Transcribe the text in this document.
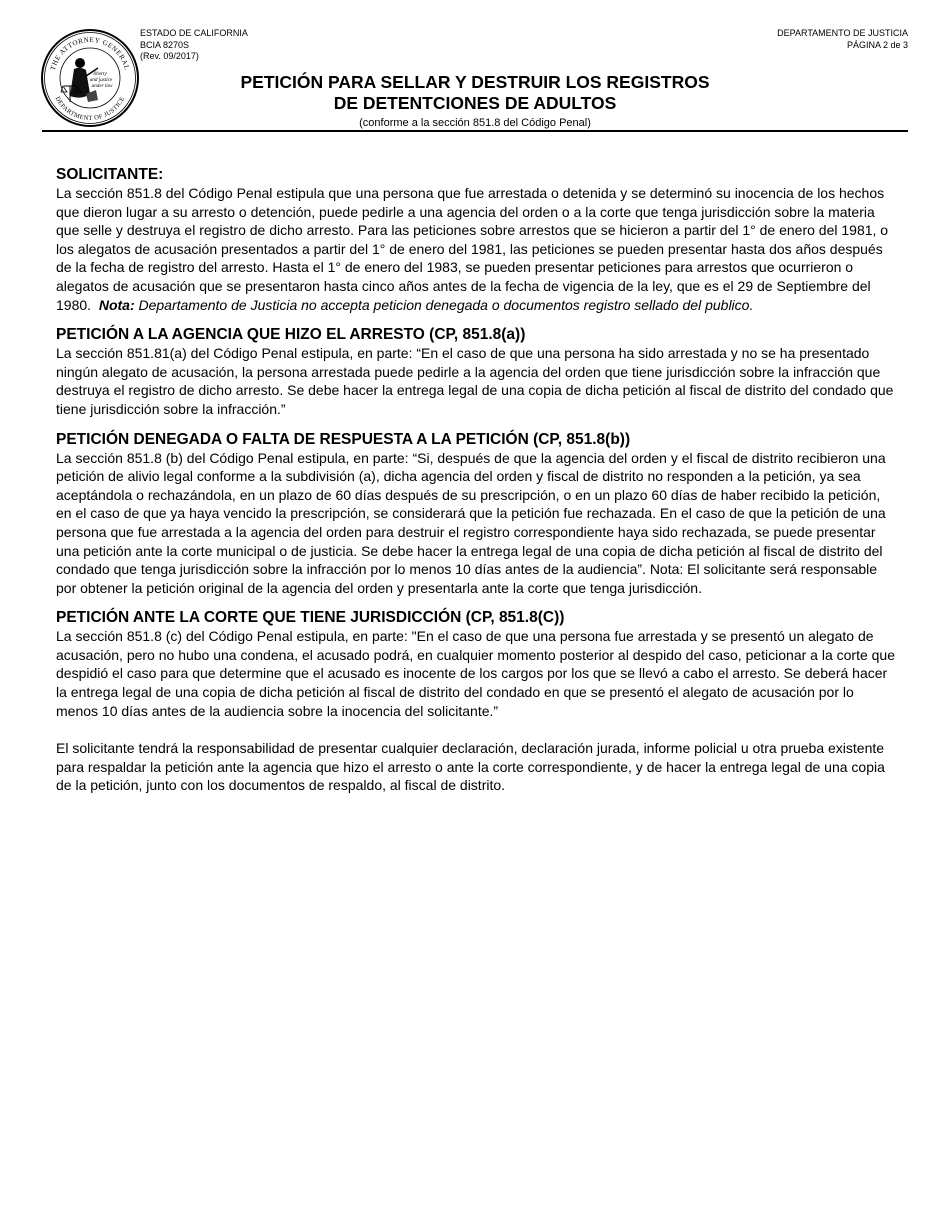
THE ATTORNEY GENERAL
DEPARTMENT OF JUSTICE
liberty
and justice
under law
ESTADO DE CALIFORNIA
BCIA 8270S
(Rev. 09/2017)
DEPARTAMENTO DE JUSTICIA
PÁGINA 2 de 3
PETICIÓN PARA SELLAR Y DESTRUIR LOS REGISTROS
DE DETENTCIONES DE ADULTOS
(conforme a la sección 851.8 del Código Penal)
SOLICITANTE:

La sección 851.8 del Código Penal estipula que una persona que fue arrestada o detenida y se determinó su inocencia de los hechos que dieron lugar a su arresto o detención, puede pedirle a una agencia del orden o a la corte que tenga jurisdicción sobre la materia que selle y destruya el registro de dicho arresto. Para las peticiones sobre arrestos que se hicieron a partir del 1° de enero del 1981, o los alegatos de acusación presentados a partir del 1° de enero del 1981, las peticiones se pueden presentar hasta dos años después de la fecha de registro del arresto. Hasta el 1° de enero del 1983, se pueden presentar peticiones para arrestos que ocurrieron o alegatos de acusación que se presentaron hasta cinco años antes de la fecha de vigencia de la ley, que es el 29 de Septiembre del 1980. Nota: Departamento de Justicia no accepta peticion denegada o documentos registro sellado del publico.

PETICIÓN A LA AGENCIA QUE HIZO EL ARRESTO (CP, 851.8(a))

La sección 851.81(a) del Código Penal estipula, en parte: “En el caso de que una persona ha sido arrestada y no se ha presentado ningún alegato de acusación, la persona arrestada puede pedirle a la agencia del orden que tiene jurisdicción sobre la infracción que destruya el registro de dicho arresto. Se debe hacer la entrega legal de una copia de dicha petición al fiscal de distrito del condado que tiene jurisdicción sobre la infracción.”

PETICIÓN DENEGADA O FALTA DE RESPUESTA A LA PETICIÓN (CP, 851.8(b))

La sección 851.8 (b) del Código Penal estipula, en parte: “Si, después de que la agencia del orden y el fiscal de distrito recibieron una petición de alivio legal conforme a la subdivisión (a), dicha agencia del orden y fiscal de distrito no responden a la petición, ya sea aceptándola o rechazándola, en un plazo de 60 días después de su prescripción, o en un plazo 60 días de haber recibido la petición, en el caso de que ya haya vencido la prescripción, se considerará que la petición fue rechazada. En el caso de que la petición de una persona que fue arrestada a la agencia del orden para destruir el registro correspondiente haya sido rechazada, se puede presentar una petición ante la corte municipal o de justicia. Se debe hacer la entrega legal de una copia de dicha petición al fiscal de distrito del condado que tenga jurisdicción sobre la infracción por lo menos 10 días antes de la audiencia”. Nota: El solicitante será responsable por obtener la petición original de la agencia del orden y presentarla ante la corte que tenga jurisdicción.

PETICIÓN ANTE LA CORTE QUE TIENE JURISDICCIÓN (CP, 851.8(C))

La sección 851.8 (c) del Código Penal estipula, en parte: "En el caso de que una persona fue arrestada y se presentó un alegato de acusación, pero no hubo una condena, el acusado podrá, en cualquier momento posterior al despido del caso, peticionar a la corte que despidió el caso para que determine que el acusado es inocente de los cargos por los que se llevó a cabo el arresto. Se deberá hacer la entrega legal de una copia de dicha petición al fiscal de distrito del condado en que se presentó el alegato de acusación por lo menos 10 días antes de la audiencia sobre la inocencia del solicitante.”

El solicitante tendrá la responsabilidad de presentar cualquier declaración, declaración jurada, informe policial u otra prueba existente para respaldar la petición ante la agencia que hizo el arresto o ante la corte correspondiente, y de hacer la entrega legal de una copia de la petición, junto con los documentos de respaldo, al fiscal de distrito.
